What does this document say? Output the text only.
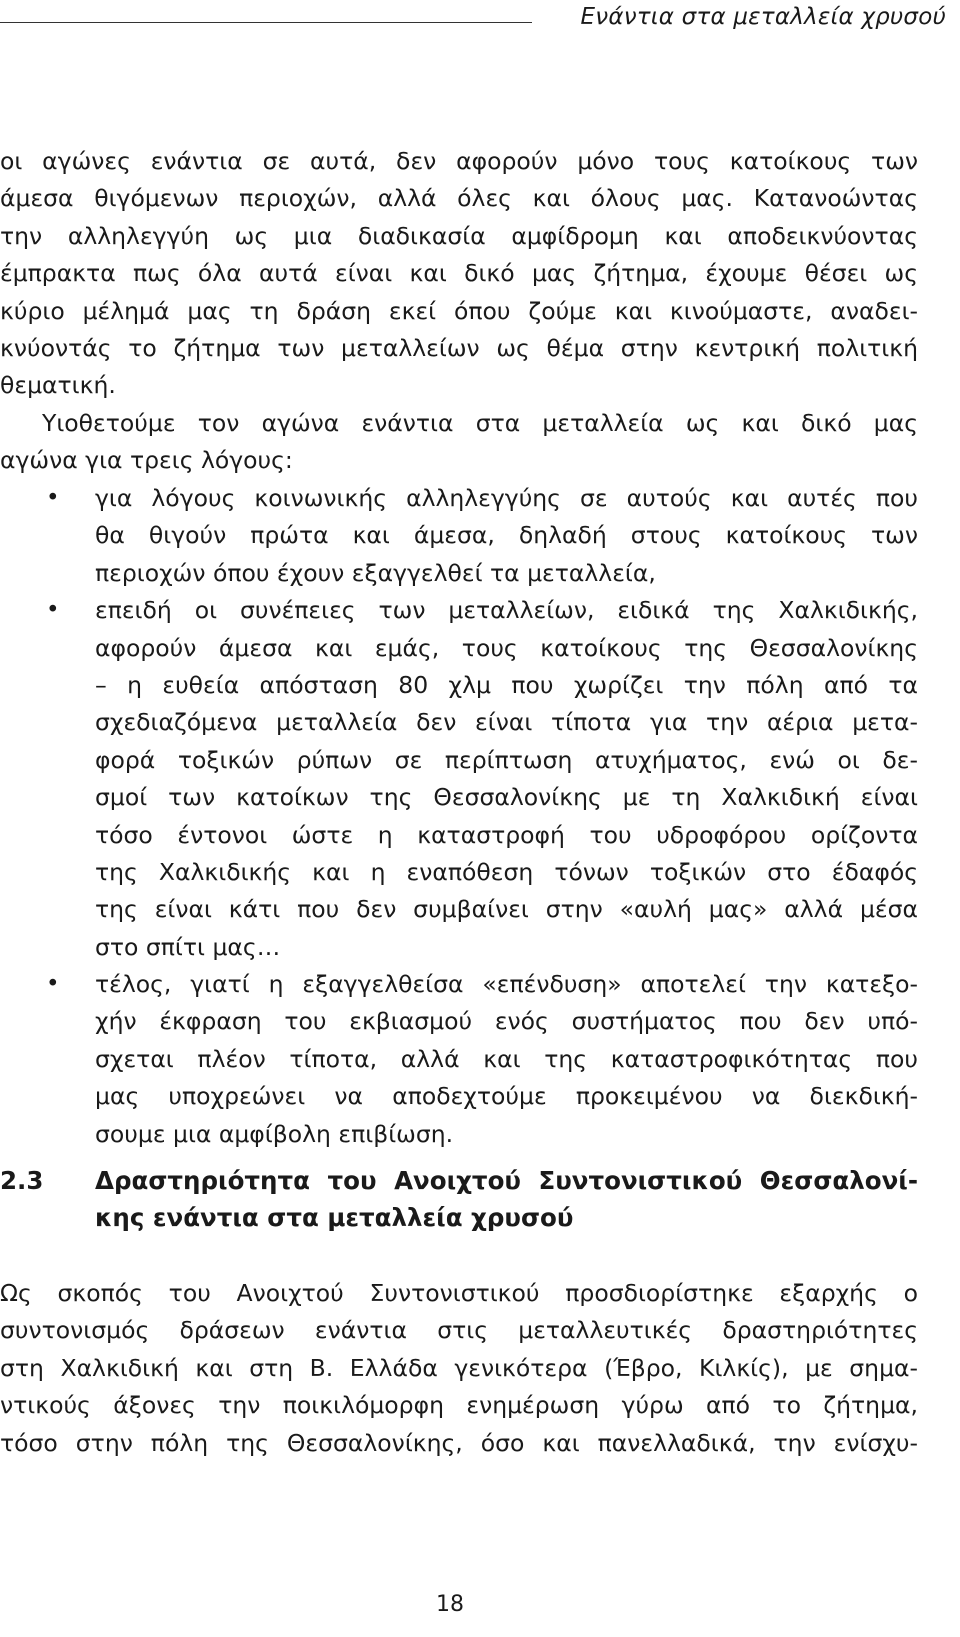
Ενάντια στα μεταλλεία χρυσού
οι αγώνες ενάντια σε αυτά, δεν αφορούν μόνο τους κατοίκους των
άμεσα θιγόμενων περιοχών, αλλά όλες και όλους μας. Κατανοώντας
την αλληλεγγύη ως μια διαδικασία αμφίδρομη και αποδεικνύοντας
έμπρακτα πως όλα αυτά είναι και δικό μας ζήτημα, έχουμε θέσει ως
κύριο μέλημά μας τη δράση εκεί όπου ζούμε και κινούμαστε, αναδει-
κνύοντάς το ζήτημα των μεταλλείων ως θέμα στην κεντρική πολιτική
θεματική.
Υιοθετούμε τον αγώνα ενάντια στα μεταλλεία ως και δικό μας
αγώνα για τρεις λόγους:
•	για λόγους κοινωνικής αλληλεγγύης σε αυτούς και αυτές που
θα θιγούν πρώτα και άμεσα, δηλαδή στους κατοίκους των
περιοχών όπου έχουν εξαγγελθεί τα μεταλλεία,
•	επειδή οι συνέπειες των μεταλλείων, ειδικά της Χαλκιδικής,
αφορούν άμεσα και εμάς, τους κατοίκους της Θεσσαλονίκης
– η ευθεία απόσταση 80 χλμ που χωρίζει την πόλη από τα
σχεδιαζόμενα μεταλλεία δεν είναι τίποτα για την αέρια μετα-
φορά τοξικών ρύπων σε περίπτωση ατυχήματος, ενώ οι δε-
σμοί των κατοίκων της Θεσσαλονίκης με τη Χαλκιδική είναι
τόσο έντονοι ώστε η καταστροφή του υδροφόρου ορίζοντα
της Χαλκιδικής και η εναπόθεση τόνων τοξικών στο έδαφός
της είναι κάτι που δεν συμβαίνει στην «αυλή μας» αλλά μέσα
στο σπίτι μας…
•	τέλος, γιατί η εξαγγελθείσα «επένδυση» αποτελεί την κατεξο-
χήν έκφραση του εκβιασμού ενός συστήματος που δεν υπό-
σχεται πλέον τίποτα, αλλά και της καταστροφικότητας που
μας υποχρεώνει να αποδεχτούμε προκειμένου να διεκδική-
σουμε μια αμφίβολη επιβίωση.
2.3	Δραστηριότητα του Ανοιχτού Συντονιστικού Θεσσαλονί-
κης ενάντια στα μεταλλεία χρυσού
Ως σκοπός του Ανοιχτού Συντονιστικού προσδιορίστηκε εξαρχής ο
συντονισμός δράσεων ενάντια στις μεταλλευτικές δραστηριότητες
στη Χαλκιδική και στη Β. Ελλάδα γενικότερα (Έβρο, Κιλκίς), με σημα-
ντικούς άξονες την ποικιλόμορφη ενημέρωση γύρω από το ζήτημα,
τόσο στην πόλη της Θεσσαλονίκης, όσο και πανελλαδικά, την ενίσχυ-
18
